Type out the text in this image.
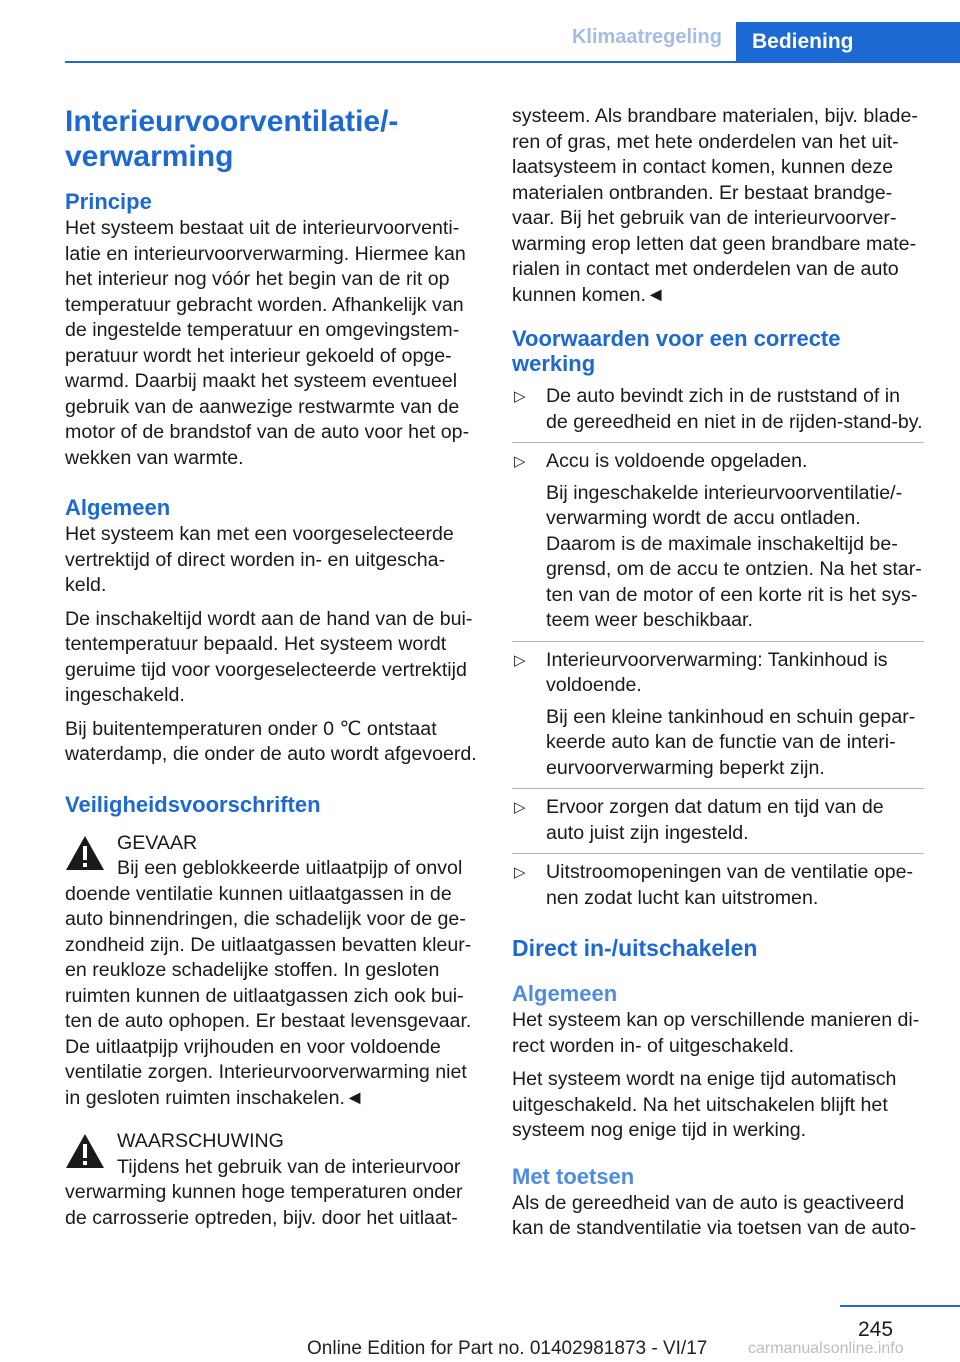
Klimaatregeling	Bediening
Interieurvoorventilatie/-verwarming
Principe

Het systeem bestaat uit de interieurvoorventilatie en interieurvoorverwarming. Hiermee kan het interieur nog vóór het begin van de rit op temperatuur gebracht worden. Afhankelijk van de ingestelde temperatuur en omgevingstemperatuur wordt het interieur gekoeld of opgewarmd. Daarbij maakt het systeem eventueel gebruik van de aanwezige restwarmte van de motor of de brandstof van de auto voor het opwekken van warmte.

Algemeen

Het systeem kan met een voorgeselecteerde vertrektijd of direct worden in- en uitgeschakeld.

De inschakeltijd wordt aan de hand van de buitentemperatuur bepaald. Het systeem wordt geruime tijd voor voorgeselecteerde vertrektijd ingeschakeld.

Bij buitentemperaturen onder 0 ℃ ontstaat waterdamp, die onder de auto wordt afgevoerd.

Veiligheidsvoorschriften

GEVAAR

Bij een geblokkeerde uitlaatpijp of onvol

doende ventilatie kunnen uitlaatgassen in de auto binnendringen, die schadelijk voor de gezondheid zijn. De uitlaatgassen bevatten kleuren reukloze schadelijke stoffen. In gesloten ruimten kunnen de uitlaatgassen zich ook buiten de auto ophopen. Er bestaat levensgevaar. De uitlaatpijp vrijhouden en voor voldoende ventilatie zorgen. Interieurvoorverwarming niet in gesloten ruimten inschakelen.◄

WAARSCHUWING

Tijdens het gebruik van de interieurvoor

verwarming kunnen hoge temperaturen onder de carrosserie optreden, bijv. door het uitlaat-

systeem. Als brandbare materialen, bijv. bladeren of gras, met hete onderdelen van het uitlaatsysteem in contact komen, kunnen deze materialen ontbranden. Er bestaat brandgevaar. Bij het gebruik van de interieurvoorverwarming erop letten dat geen brandbare materialen in contact met onderdelen van de auto kunnen komen.◄

Voorwaarden voor een correcte werking
▷ De auto bevindt zich in de ruststand of in de gereedheid en niet in de rijden-stand-by.
▷ Accu is voldoende opgeladen.
Bij ingeschakelde interieurvoorventilatie/-verwarming wordt de accu ontladen. Daarom is de maximale inschakeltijd begrensd, om de accu te ontzien. Na het starten van de motor of een korte rit is het systeem weer beschikbaar.
▷ Interieurvoorverwarming: Tankinhoud is voldoende.
Bij een kleine tankinhoud en schuin geparkeerde auto kan de functie van de interieurvoorverwarming beperkt zijn.
▷ Ervoor zorgen dat datum en tijd van de auto juist zijn ingesteld.
▷ Uitstroomopeningen van de ventilatie openen zodat lucht kan uitstromen.
Direct in-/uitschakelen
Algemeen

Het systeem kan op verschillende manieren direct worden in- of uitgeschakeld.

Het systeem wordt na enige tijd automatisch uitgeschakeld. Na het uitschakelen blijft het systeem nog enige tijd in werking.

Met toetsen

Als de gereedheid van de auto is geactiveerd kan de standventilatie via toetsen van de auto-

245
Online Edition for Part no. 01402981873 - VI/17	carmanualsonline.info
